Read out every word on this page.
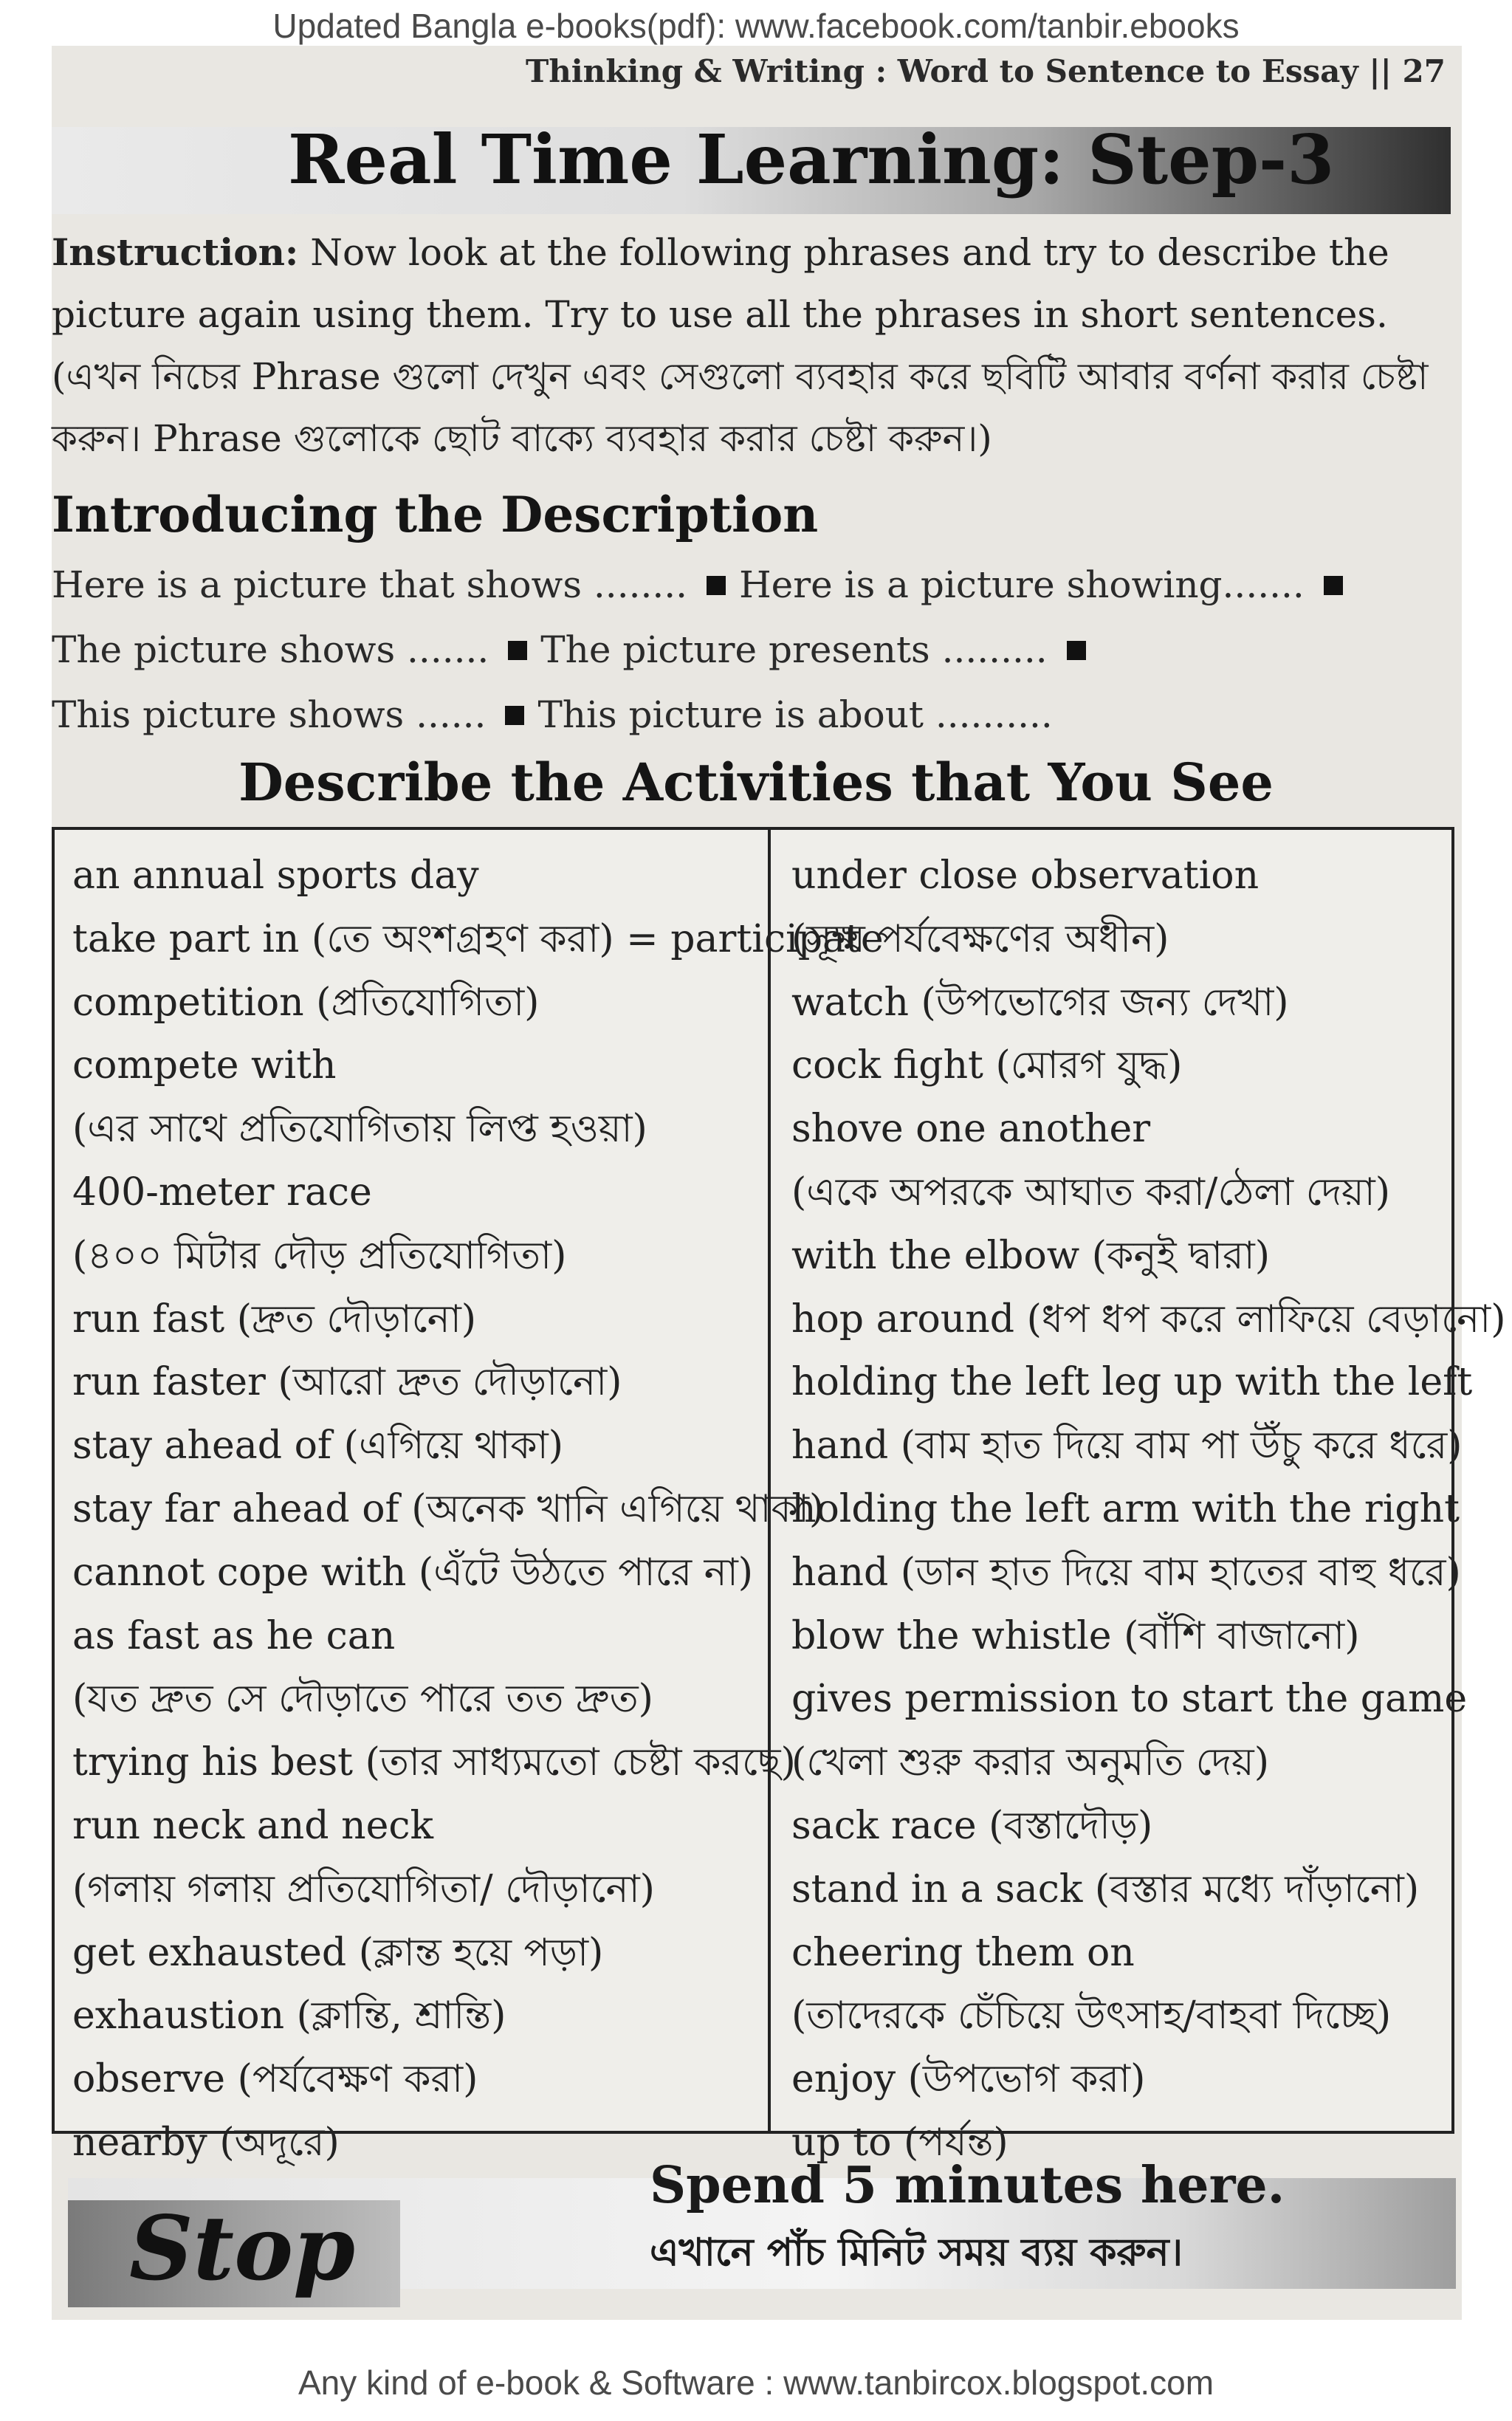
Updated Bangla e-books(pdf): www.facebook.com/tanbir.ebooks
Thinking & Writing : Word to Sentence to Essay || 27
Real Time Learning: Step-3
Instruction: Now look at the following phrases and try to describe the picture again using them. Try to use all the phrases in short sentences. (এখন নিচের Phrase গুলো দেখুন এবং সেগুলো ব্যবহার করে ছবিটি আবার বর্ণনা করার চেষ্টা করুন। Phrase গুলোকে ছোট বাক্যে ব্যবহার করার চেষ্টা করুন।)
Introducing the Description
Here is a picture that shows ........ Here is a picture showing.......The picture shows ....... The picture presents .........This picture shows ...... This picture is about ..........
Describe the Activities that You See
an annual sports day
take part in (তে অংশগ্রহণ করা) = participate
competition (প্রতিযোগিতা)
compete with
(এর সাথে প্রতিযোগিতায় লিপ্ত হওয়া)
400-meter race
(৪০০ মিটার দৌড় প্রতিযোগিতা)
run fast (দ্রুত দৌড়ানো)
run faster (আরো দ্রুত দৌড়ানো)
stay ahead of (এগিয়ে থাকা)
stay far ahead of (অনেক খানি এগিয়ে থাকা)
cannot cope with (এঁটে উঠতে পারে না)
as fast as he can
(যত দ্রুত সে দৌড়াতে পারে তত দ্রুত)
trying his best (তার সাধ্যমতো চেষ্টা করছে)
run neck and neck
(গলায় গলায় প্রতিযোগিতা/ দৌড়ানো)
get exhausted (ক্লান্ত হয়ে পড়া)
exhaustion (ক্লান্তি, শ্রান্তি)
observe (পর্যবেক্ষণ করা)
nearby (অদূরে)
under close observation
(সূক্ষ্ম পর্যবেক্ষণের অধীন)
watch (উপভোগের জন্য দেখা)
cock fight (মোরগ যুদ্ধ)
shove one another
(একে অপরকে আঘাত করা/ঠেলা দেয়া)
with the elbow (কনুই দ্বারা)
hop around (ধপ ধপ করে লাফিয়ে বেড়ানো)
holding the left leg up with the left
hand (বাম হাত দিয়ে বাম পা উঁচু করে ধরে)
holding the left arm with the right
hand (ডান হাত দিয়ে বাম হাতের বাহু ধরে)
blow the whistle (বাঁশি বাজানো)
gives permission to start the game
(খেলা শুরু করার অনুমতি দেয়)
sack race (বস্তাদৌড়)
stand in a sack (বস্তার মধ্যে দাঁড়ানো)
cheering them on
(তাদেরকে চেঁচিয়ে উৎসাহ/বাহবা দিচ্ছে)
enjoy (উপভোগ করা)
up to (পর্যন্ত)
Stop
Spend 5 minutes here.
এখানে পাঁচ মিনিট সময় ব্যয় করুন।
Any kind of e-book & Software : www.tanbircox.blogspot.com
